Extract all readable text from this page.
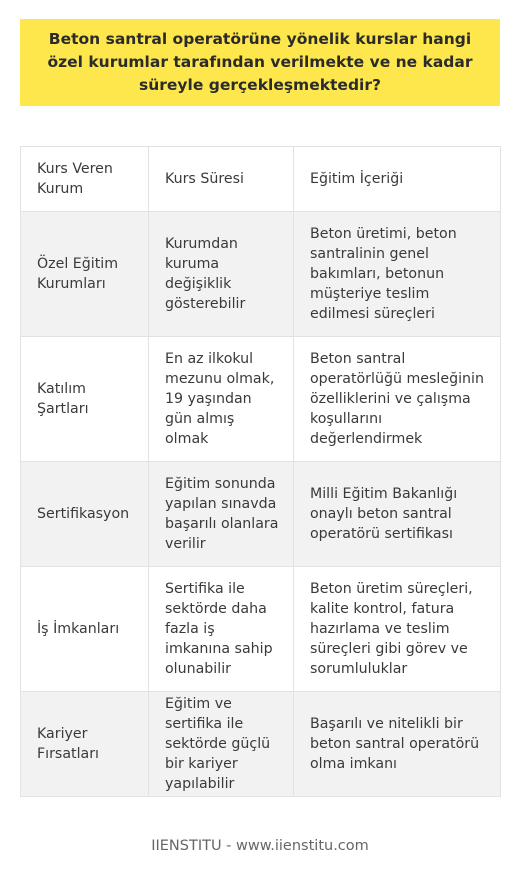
Beton santral operatörüne yönelik kurslar hangi özel kurumlar tarafından verilmekte ve ne kadar süreyle gerçekleşmektedir?
Kurs Veren Kurum	Kurs Süresi	Eğitim İçeriği
Özel Eğitim Kurumları	Kurumdan kuruma değişiklik gösterebilir	Beton üretimi, beton santralinin genel bakımları, betonun müşteriye teslim edilmesi süreçleri
Katılım Şartları	En az ilkokul mezunu olmak, 19 yaşından gün almış olmak	Beton santral operatörlüğü mesleğinin özelliklerini ve çalışma koşullarını değerlendirmek
Sertifikasyon	Eğitim sonunda yapılan sınavda başarılı olanlara verilir	Milli Eğitim Bakanlığı onaylı beton santral operatörü sertifikası
İş İmkanları	Sertifika ile sektörde daha fazla iş imkanına sahip olunabilir	Beton üretim süreçleri, kalite kontrol, fatura hazırlama ve teslim süreçleri gibi görev ve sorumluluklar
Kariyer Fırsatları	Eğitim ve sertifika ile sektörde güçlü bir kariyer yapılabilir	Başarılı ve nitelikli bir beton santral operatörü olma imkanı
IIENSTITU - www.iienstitu.com
